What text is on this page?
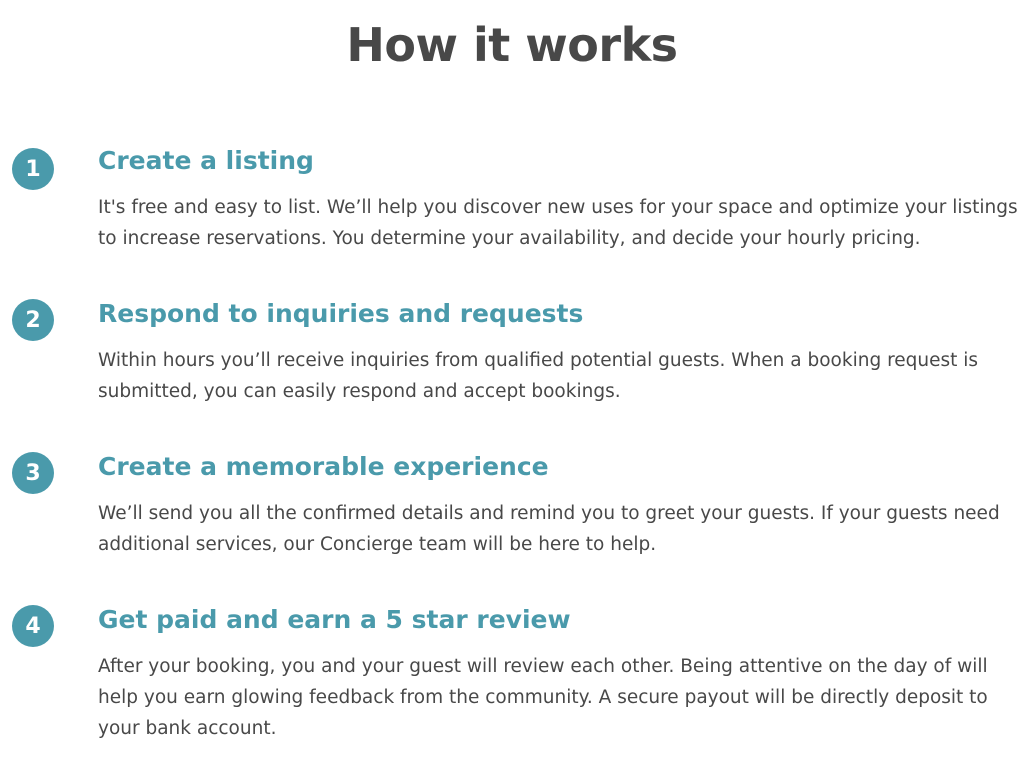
How it works
1	Create a listing

It's free and easy to list. We’ll help you discover new uses for your space and optimize your listings to increase reservations. You determine your availability, and decide your hourly pricing.

2	Respond to inquiries and requests

Within hours you’ll receive inquiries from qualified potential guests. When a booking request is submitted, you can easily respond and accept bookings.

3	Create a memorable experience

We’ll send you all the confirmed details and remind you to greet your guests. If your guests need additional services, our Concierge team will be here to help.

4	Get paid and earn a 5 star review

After your booking, you and your guest will review each other. Being attentive on the day of will help you earn glowing feedback from the community. A secure payout will be directly deposit to your bank account.
